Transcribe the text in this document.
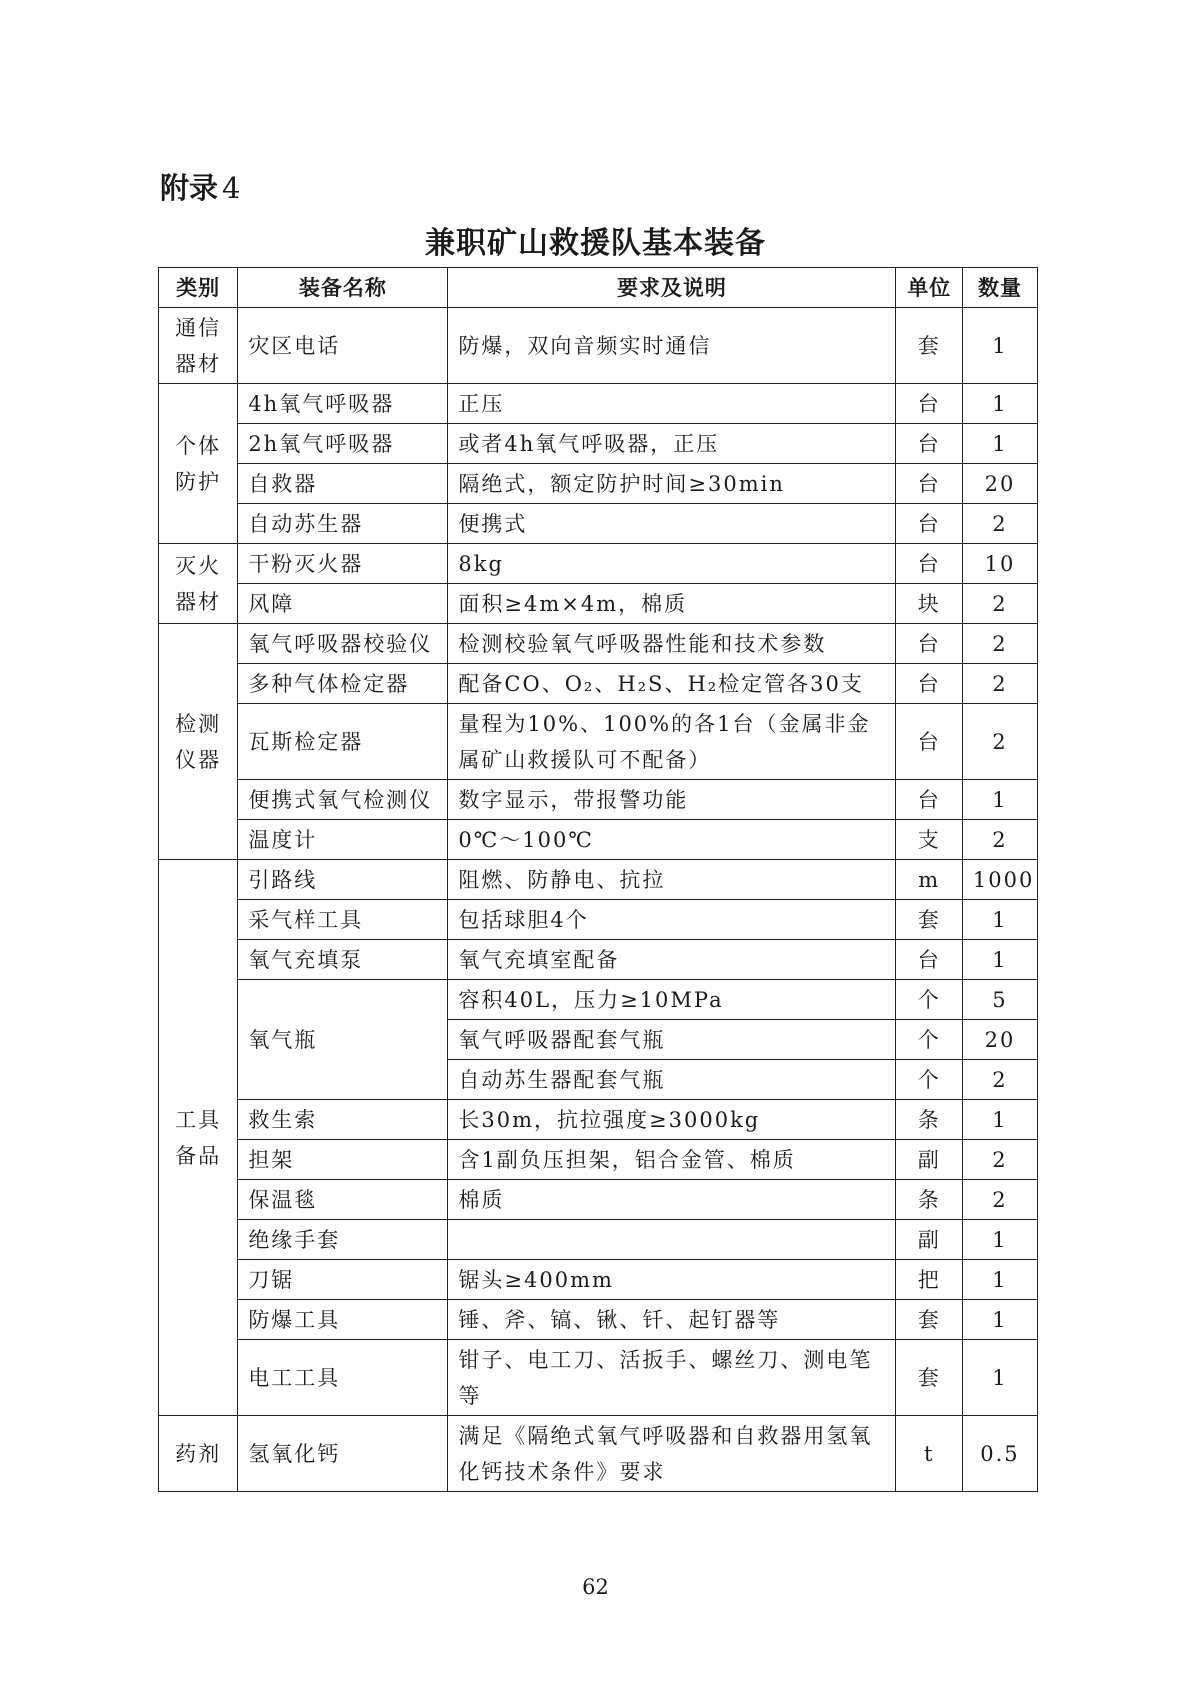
附录 4
兼职矿山救援队基本装备
类别	装备名称	要求及说明	单位	数量

通信
器材	灾区电话	防爆，双向音频实时通信	套	1

个体
防护	4h氧气呼吸器	正压	台	1
	2h氧气呼吸器	或者4h氧气呼吸器，正压	台	1
	自救器	隔绝式，额定防护时间≥30min	台	20
	自动苏生器	便携式	台	2

灭火
器材	干粉灭火器	8kg	台	10
	风障	面积≥4m×4m，棉质	块	2

检测
仪器	氧气呼吸器校验仪	检测校验氧气呼吸器性能和技术参数	台	2
	多种气体检定器	配备CO、O₂、H₂S、H₂检定管各30支	台	2
	瓦斯检定器	量程为10%、100%的各1台（金属非金属矿山救援队可不配备）	台	2
	便携式氧气检测仪	数字显示，带报警功能	台	1
	温度计	0℃～100℃	支	2

工具
备品	引路线	阻燃、防静电、抗拉	m	1000
	采气样工具	包括球胆4个	套	1
	氧气充填泵	氧气充填室配备	台	1
	氧气瓶	容积40L，压力≥10MPa	个	5
		氧气呼吸器配套气瓶	个	20
		自动苏生器配套气瓶	个	2
	救生索	长30m，抗拉强度≥3000kg	条	1
	担架	含1副负压担架，铝合金管、棉质	副	2
	保温毯	棉质	条	2
	绝缘手套		副	1
	刀锯	锯头≥400mm	把	1
	防爆工具	锤、斧、镐、锹、钎、起钉器等	套	1
	电工工具	钳子、电工刀、活扳手、螺丝刀、测电笔等	套	1

药剂	氢氧化钙	满足《隔绝式氧气呼吸器和自救器用氢氧化钙技术条件》要求	t	0.5
62
